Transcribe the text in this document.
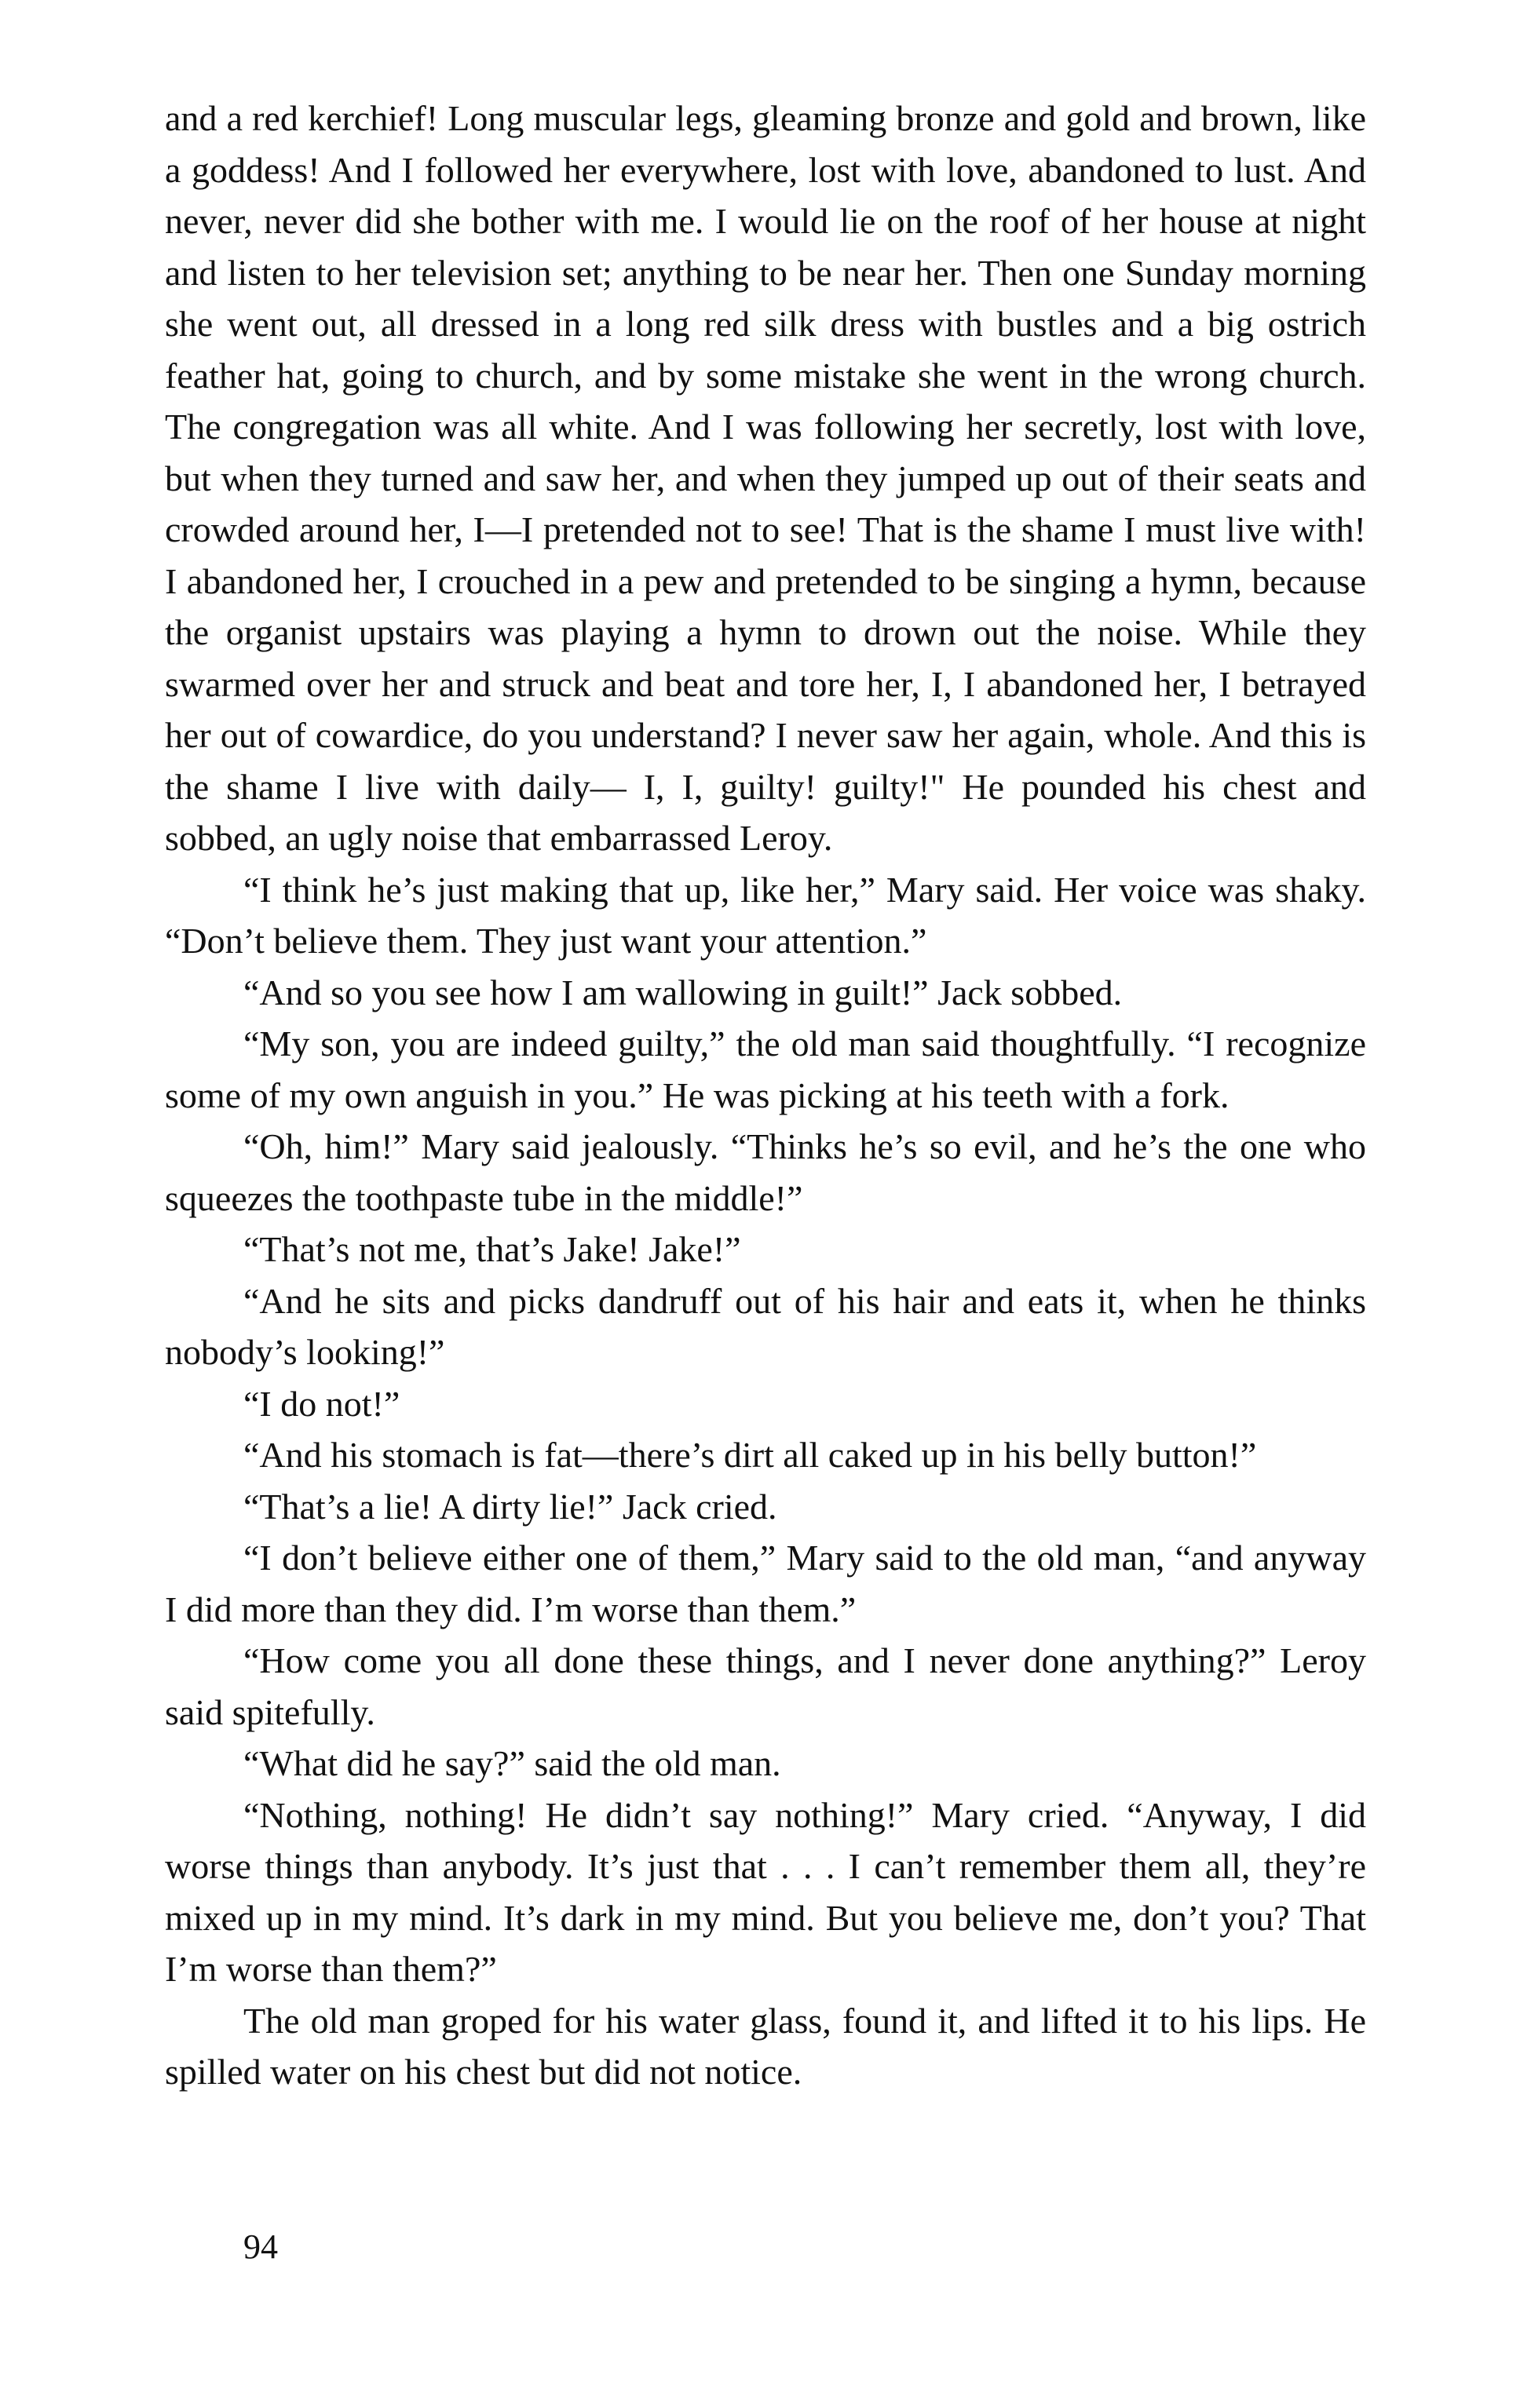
and a red kerchief! Long muscular legs, gleaming bronze and gold and brown, like a goddess! And I followed her everywhere, lost with love, abandoned to lust. And never, never did she bother with me. I would lie on the roof of her house at night and listen to her television set; anything to be near her. Then one Sunday morning she went out, all dressed in a long red silk dress with bustles and a big ostrich feather hat, going to church, and by some mistake she went in the wrong church. The congregation was all white. And I was following her secretly, lost with love, but when they turned and saw her, and when they jumped up out of their seats and crowded around her, I—I pretended not to see! That is the shame I must live with! I abandoned her, I crouched in a pew and pretended to be singing a hymn, because the organist upstairs was playing a hymn to drown out the noise. While they swarmed over her and struck and beat and tore her, I, I abandoned her, I betrayed her out of cowardice, do you understand? I never saw her again, whole. And this is the shame I live with daily— I, I, guilty! guilty!" He pounded his chest and sobbed, an ugly noise that embarrassed Leroy.

“I think he’s just making that up, like her,” Mary said. Her voice was shaky. “Don’t believe them. They just want your attention.”

“And so you see how I am wallowing in guilt!” Jack sobbed.

“My son, you are indeed guilty,” the old man said thoughtfully. “I recognize some of my own anguish in you.” He was picking at his teeth with a fork.

“Oh, him!” Mary said jealously. “Thinks he’s so evil, and he’s the one who squeezes the toothpaste tube in the middle!”

“That’s not me, that’s Jake! Jake!”

“And he sits and picks dandruff out of his hair and eats it, when he thinks nobody’s looking!”

“I do not!”

“And his stomach is fat—there’s dirt all caked up in his belly button!”

“That’s a lie! A dirty lie!” Jack cried.

“I don’t believe either one of them,” Mary said to the old man, “and anyway I did more than they did. I’m worse than them.”

“How come you all done these things, and I never done anything?” Leroy said spitefully.

“What did he say?” said the old man.

“Nothing, nothing! He didn’t say nothing!” Mary cried. “Anyway, I did worse things than anybody. It’s just that . . . I can’t remember them all, they’re mixed up in my mind. It’s dark in my mind. But you believe me, don’t you? That I’m worse than them?”

The old man groped for his water glass, found it, and lifted it to his lips. He spilled water on his chest but did not notice.

94
